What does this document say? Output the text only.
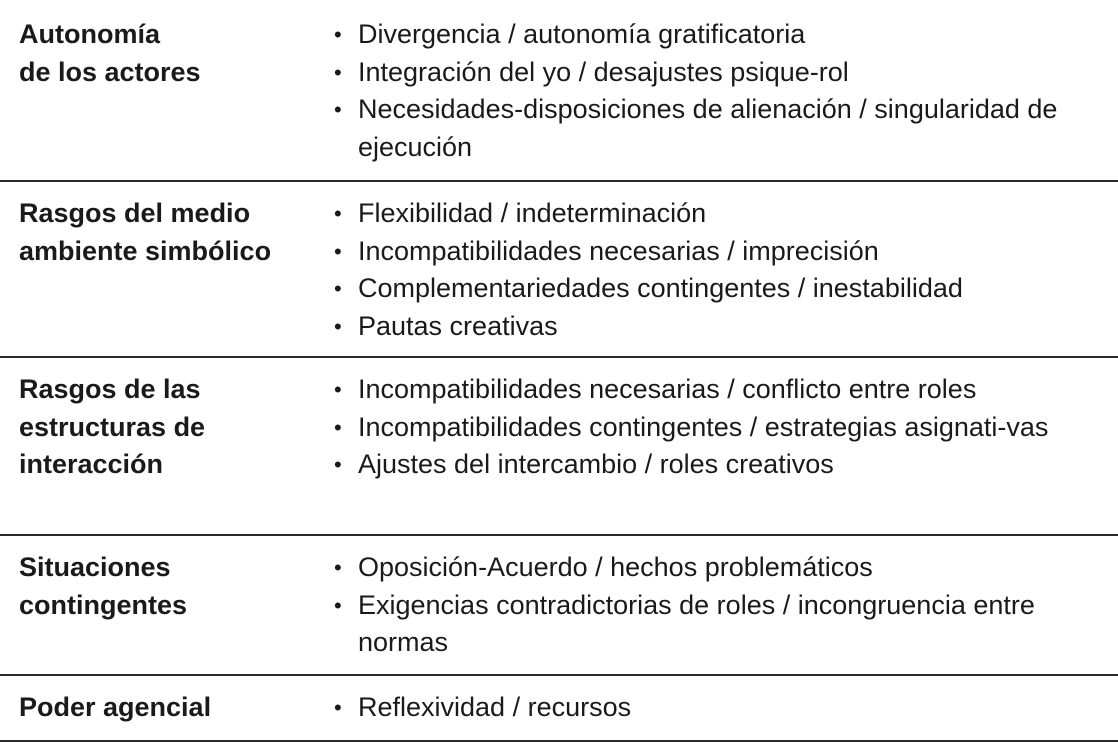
Autonomía
de los actores
• Divergencia / autonomía gratificatoria
• Integración del yo / desajustes psique-rol
• Necesidades-disposiciones de alienación / singularidad de ejecución
Rasgos del medio
ambiente simbólico
• Flexibilidad / indeterminación
• Incompatibilidades necesarias / imprecisión
• Complementariedades contingentes / inestabilidad
• Pautas creativas
Rasgos de las
estructuras de
interacción
• Incompatibilidades necesarias / conflicto entre roles
• Incompatibilidades contingentes / estrategias asignati-vas
• Ajustes del intercambio / roles creativos
Situaciones
contingentes
• Oposición-Acuerdo / hechos problemáticos
• Exigencias contradictorias de roles / incongruencia entre normas
Poder agencial	• Reflexividad / recursos
